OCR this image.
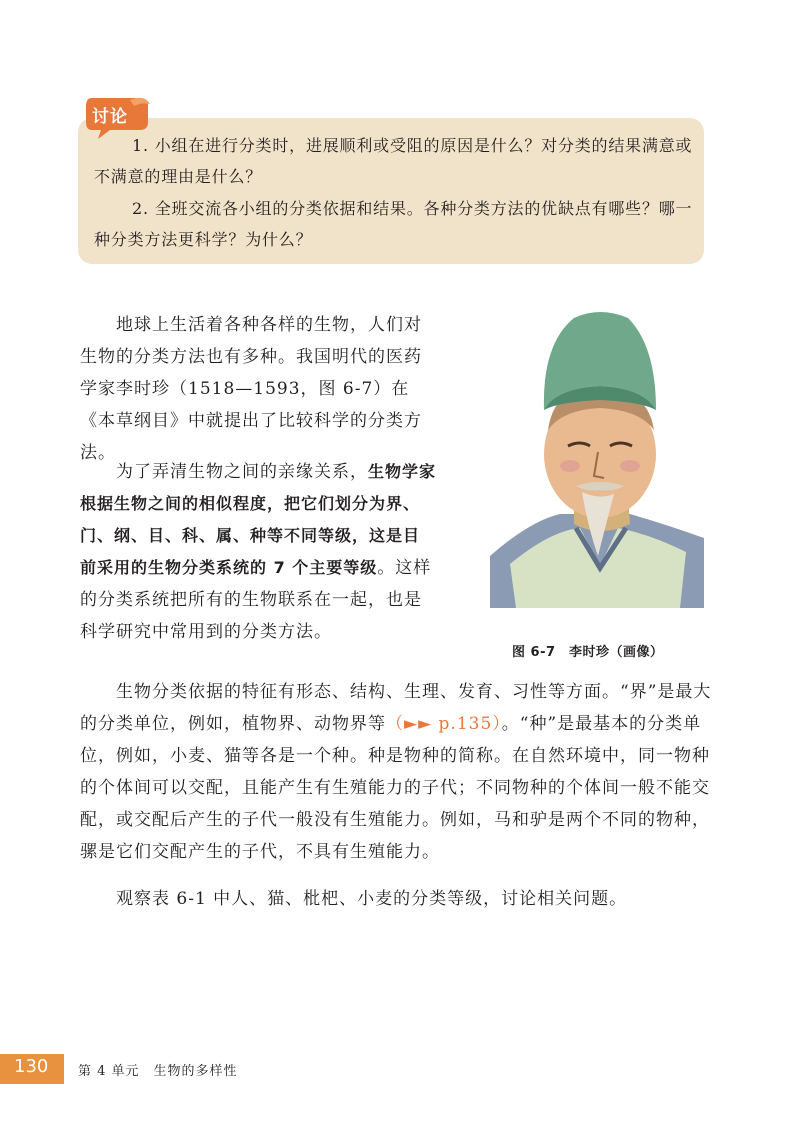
讨论
1. 小组在进行分类时，进展顺利或受阻的原因是什么？对分类的结果满意或不满意的理由是什么？
2. 全班交流各小组的分类依据和结果。各种分类方法的优缺点有哪些？哪一种分类方法更科学？为什么？
地球上生活着各种各样的生物，人们对生物的分类方法也有多种。我国明代的医药学家李时珍（1518—1593，图 6-7）在《本草纲目》中就提出了比较科学的分类方法。
为了弄清生物之间的亲缘关系，生物学家根据生物之间的相似程度，把它们划分为界、门、纲、目、科、属、种等不同等级，这是目前采用的生物分类系统的 7 个主要等级。这样的分类系统把所有的生物联系在一起，也是科学研究中常用到的分类方法。
生物分类依据的特征有形态、结构、生理、发育、习性等方面。“界”是最大的分类单位，例如，植物界、动物界等（►► p.135）。“种”是最基本的分类单位，例如，小麦、猫等各是一个种。种是物种的简称。在自然环境中，同一物种的个体间可以交配，且能产生有生殖能力的子代；不同物种的个体间一般不能交配，或交配后产生的子代一般没有生殖能力。例如，马和驴是两个不同的物种，骡是它们交配产生的子代，不具有生殖能力。
观察表 6-1 中人、猫、枇杷、小麦的分类等级，讨论相关问题。
图 6-7　李时珍（画像）
130 第 4 单元　生物的多样性
